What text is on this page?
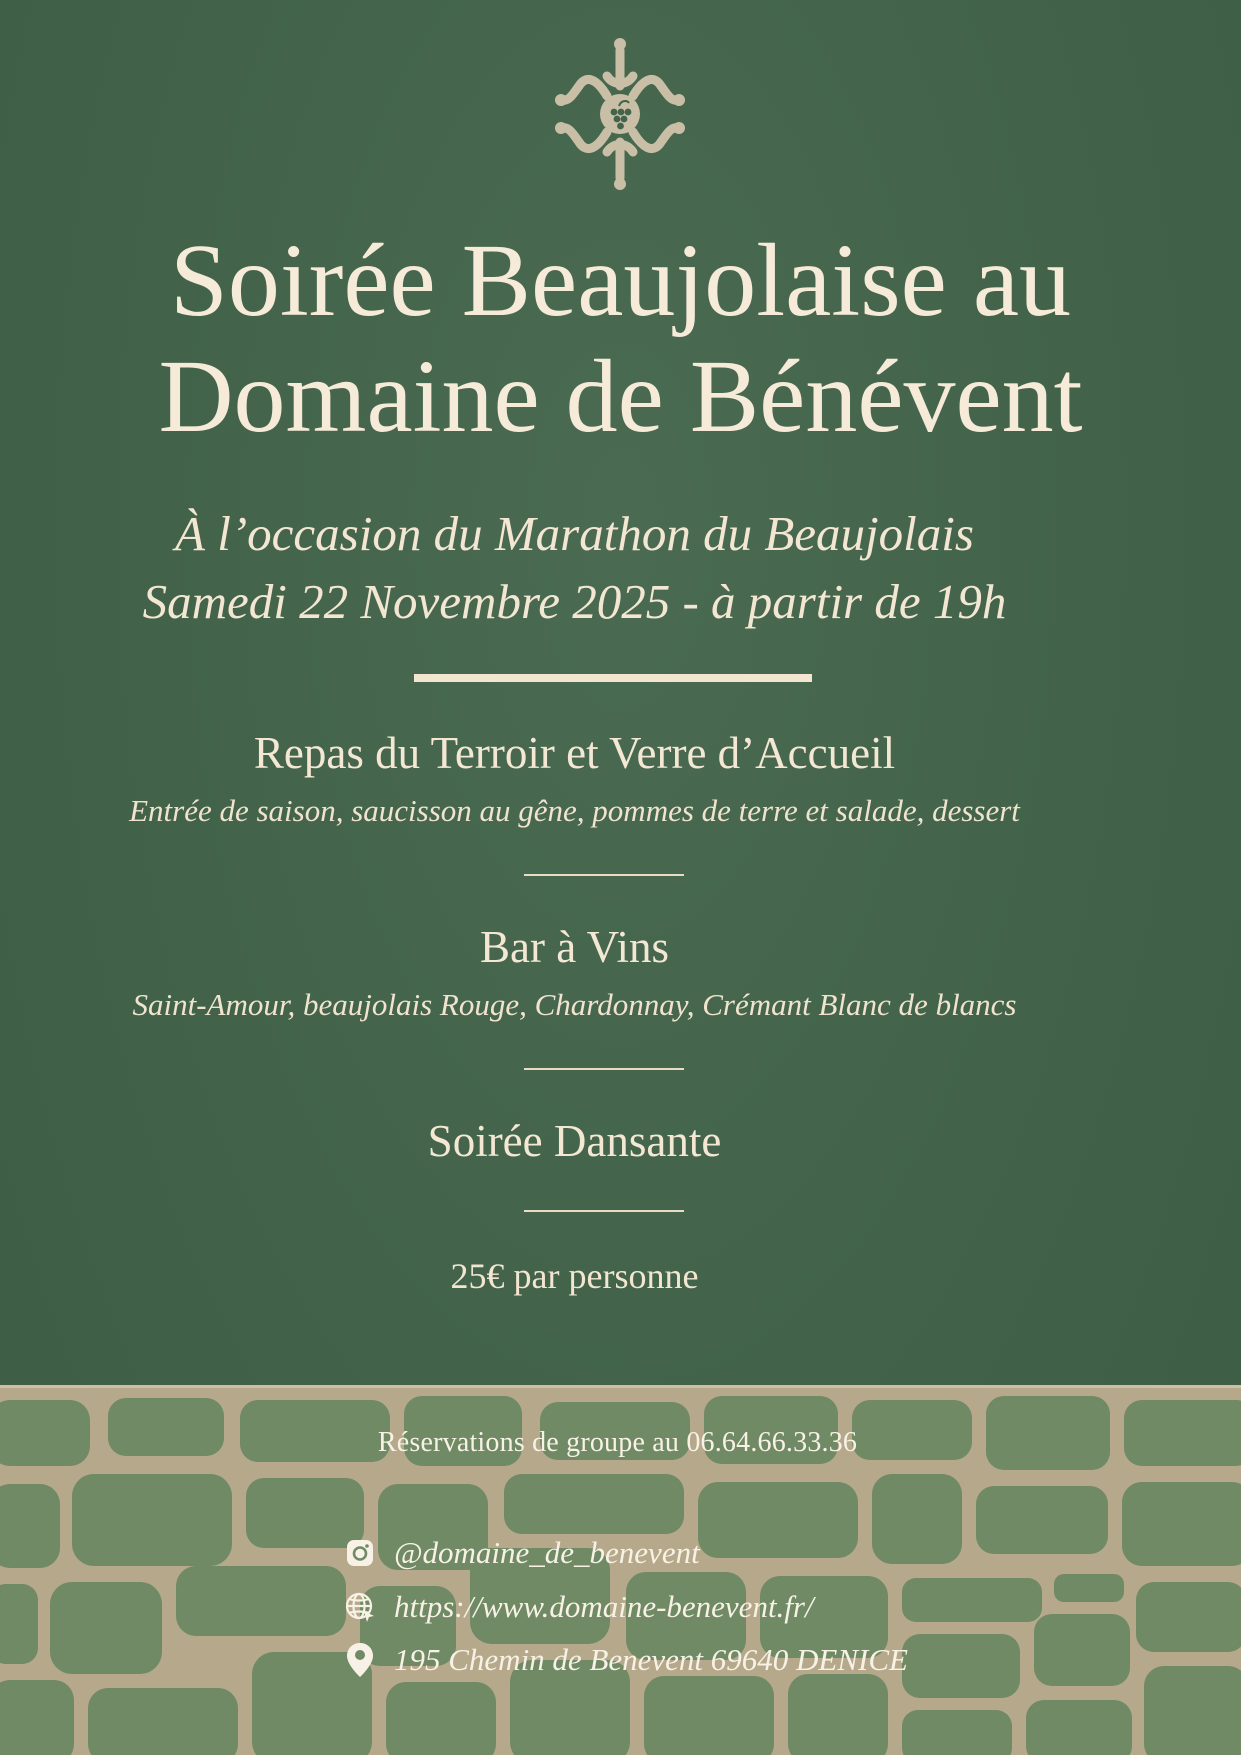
Soirée Beaujolaise au
Domaine de Bénévent
À l’occasion du Marathon du Beaujolais
Samedi 22 Novembre 2025 - à partir de 19h
Repas du Terroir et Verre d’Accueil
Entrée de saison, saucisson au gêne, pommes de terre et salade, dessert
Bar à Vins
Saint-Amour, beaujolais Rouge, Chardonnay, Crémant Blanc de blancs
Soirée Dansante
25€ par personne
Réservations de groupe au 06.64.66.33.36
@domaine_de_benevent
https://www.domaine-benevent.fr/
195 Chemin de Benevent 69640 DENICE
